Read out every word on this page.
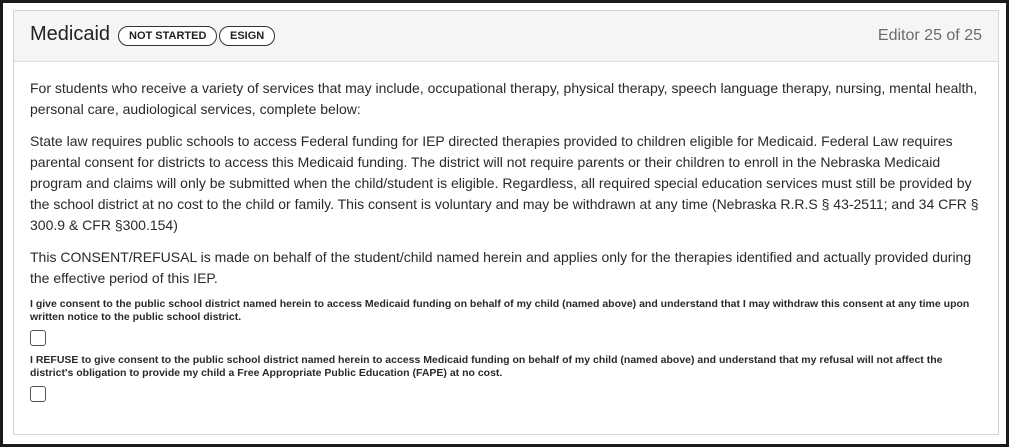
Medicaid	NOT STARTED	ESIGN	Editor 25 of 25

For students who receive a variety of services that may include, occupational therapy, physical therapy, speech language therapy, nursing, mental health, personal care, audiological services, complete below:

State law requires public schools to access Federal funding for IEP directed therapies provided to children eligible for Medicaid. Federal Law requires parental consent for districts to access this Medicaid funding. The district will not require parents or their children to enroll in the Nebraska Medicaid program and claims will only be submitted when the child/student is eligible. Regardless, all required special education services must still be provided by the school district at no cost to the child or family. This consent is voluntary and may be withdrawn at any time (Nebraska R.R.S § 43-2511; and 34 CFR § 300.9 & CFR §300.154)

This CONSENT/REFUSAL is made on behalf of the student/child named herein and applies only for the therapies identified and actually provided during the effective period of this IEP.

I give consent to the public school district named herein to access Medicaid funding on behalf of my child (named above) and understand that I may withdraw this consent at any time upon written notice to the public school district.

I REFUSE to give consent to the public school district named herein to access Medicaid funding on behalf of my child (named above) and understand that my refusal will not affect the district's obligation to provide my child a Free Appropriate Public Education (FAPE) at no cost.
